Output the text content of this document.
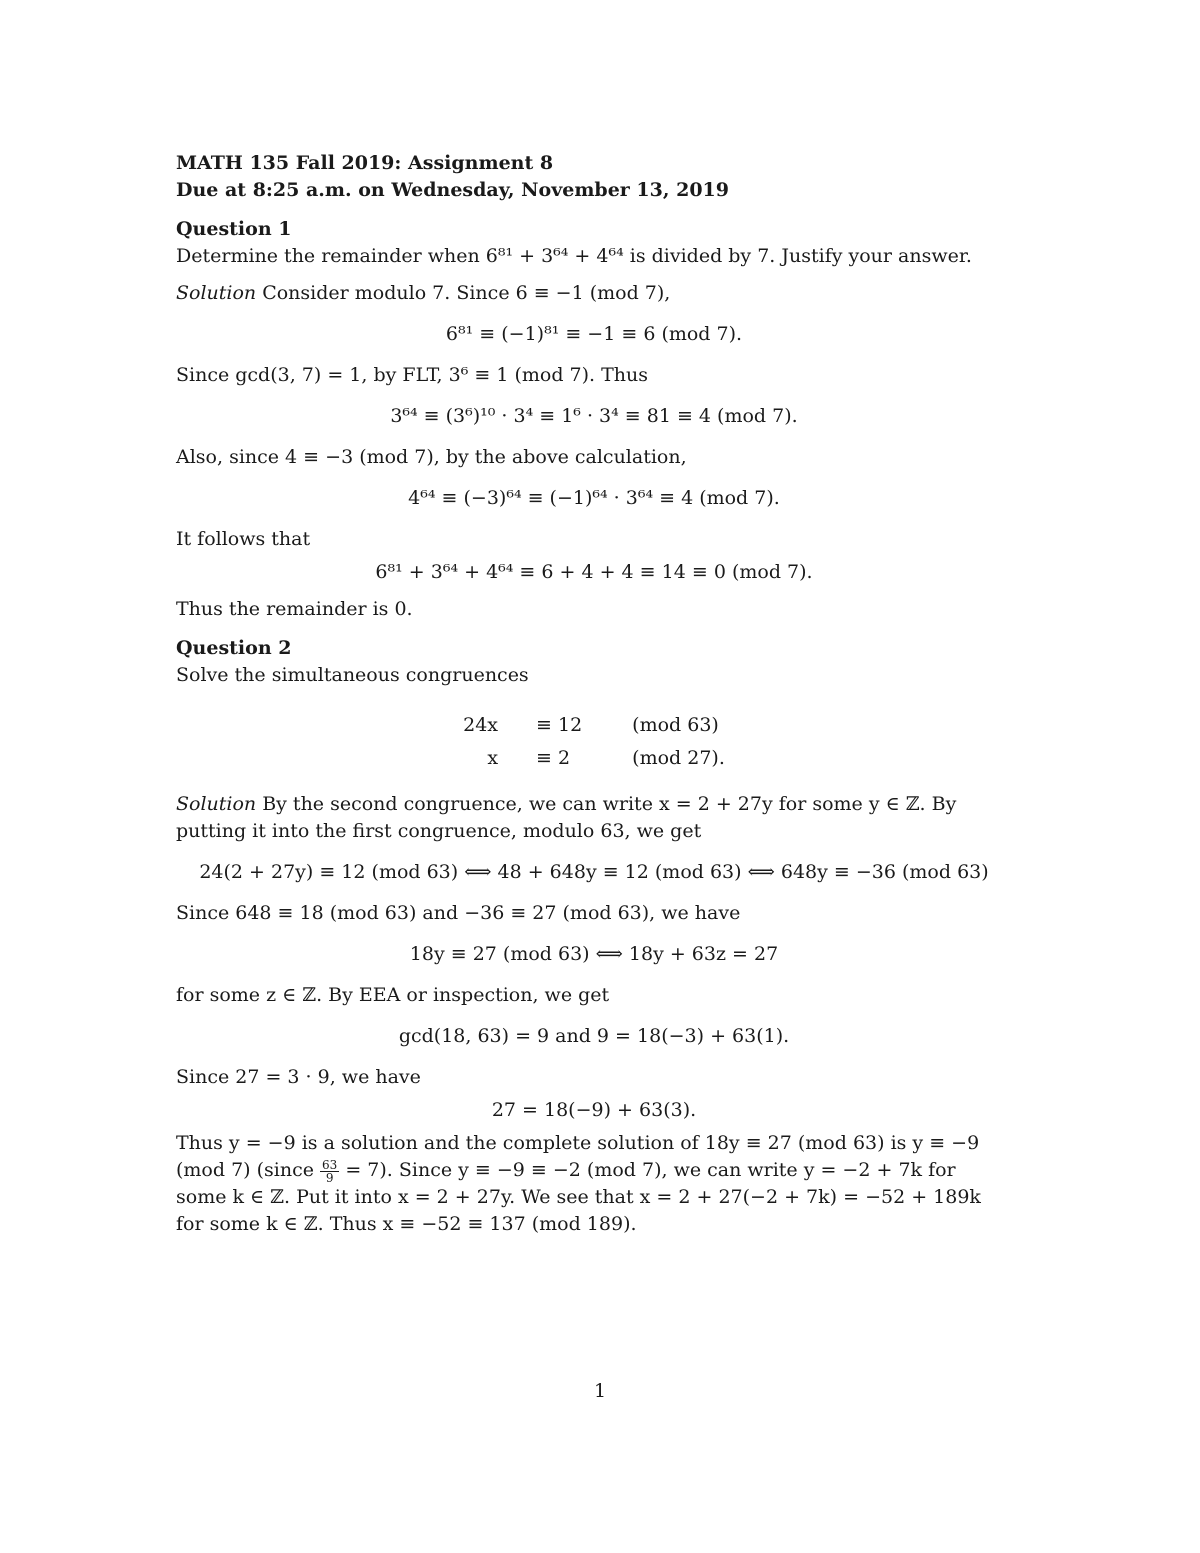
MATH 135 Fall 2019: Assignment 8

Due at 8:25 a.m. on Wednesday, November 13, 2019

Question 1

Determine the remainder when 6⁸¹ + 3⁶⁴ + 4⁶⁴ is divided by 7. Justify your answer.

Solution Consider modulo 7. Since 6 ≡ −1 (mod 7),

6⁸¹ ≡ (−1)⁸¹ ≡ −1 ≡ 6 (mod 7).

Since gcd(3, 7) = 1, by FLT, 3⁶ ≡ 1 (mod 7). Thus

3⁶⁴ ≡ (3⁶)¹⁰ · 3⁴ ≡ 1⁶ · 3⁴ ≡ 81 ≡ 4 (mod 7).

Also, since 4 ≡ −3 (mod 7), by the above calculation,

4⁶⁴ ≡ (−3)⁶⁴ ≡ (−1)⁶⁴ · 3⁶⁴ ≡ 4 (mod 7).

It follows that

6⁸¹ + 3⁶⁴ + 4⁶⁴ ≡ 6 + 4 + 4 ≡ 14 ≡ 0 (mod 7).

Thus the remainder is 0.

Question 2

Solve the simultaneous congruences

24x	≡ 12	(mod 63)
x	≡ 2	(mod 27).

Solution By the second congruence, we can write x = 2 + 27y for some y ∈ ℤ. By putting it into the first congruence, modulo 63, we get

24(2 + 27y) ≡ 12 (mod 63) ⟺ 48 + 648y ≡ 12 (mod 63) ⟺ 648y ≡ −36 (mod 63)

Since 648 ≡ 18 (mod 63) and −36 ≡ 27 (mod 63), we have

18y ≡ 27 (mod 63) ⟺ 18y + 63z = 27

for some z ∈ ℤ. By EEA or inspection, we get

gcd(18, 63) = 9 and 9 = 18(−3) + 63(1).

Since 27 = 3 · 9, we have

27 = 18(−9) + 63(3).

Thus y = −9 is a solution and the complete solution of 18y ≡ 27 (mod 63) is y ≡ −9 (mod 7) (since $\frac{63}{9} = 7$). Since y ≡ −9 ≡ −2 (mod 7), we can write y = −2 + 7k for some k ∈ ℤ. Put it into x = 2 + 27y. We see that x = 2 + 27(−2 + 7k) = −52 + 189k for some k ∈ ℤ. Thus x ≡ −52 ≡ 137 (mod 189).

1
